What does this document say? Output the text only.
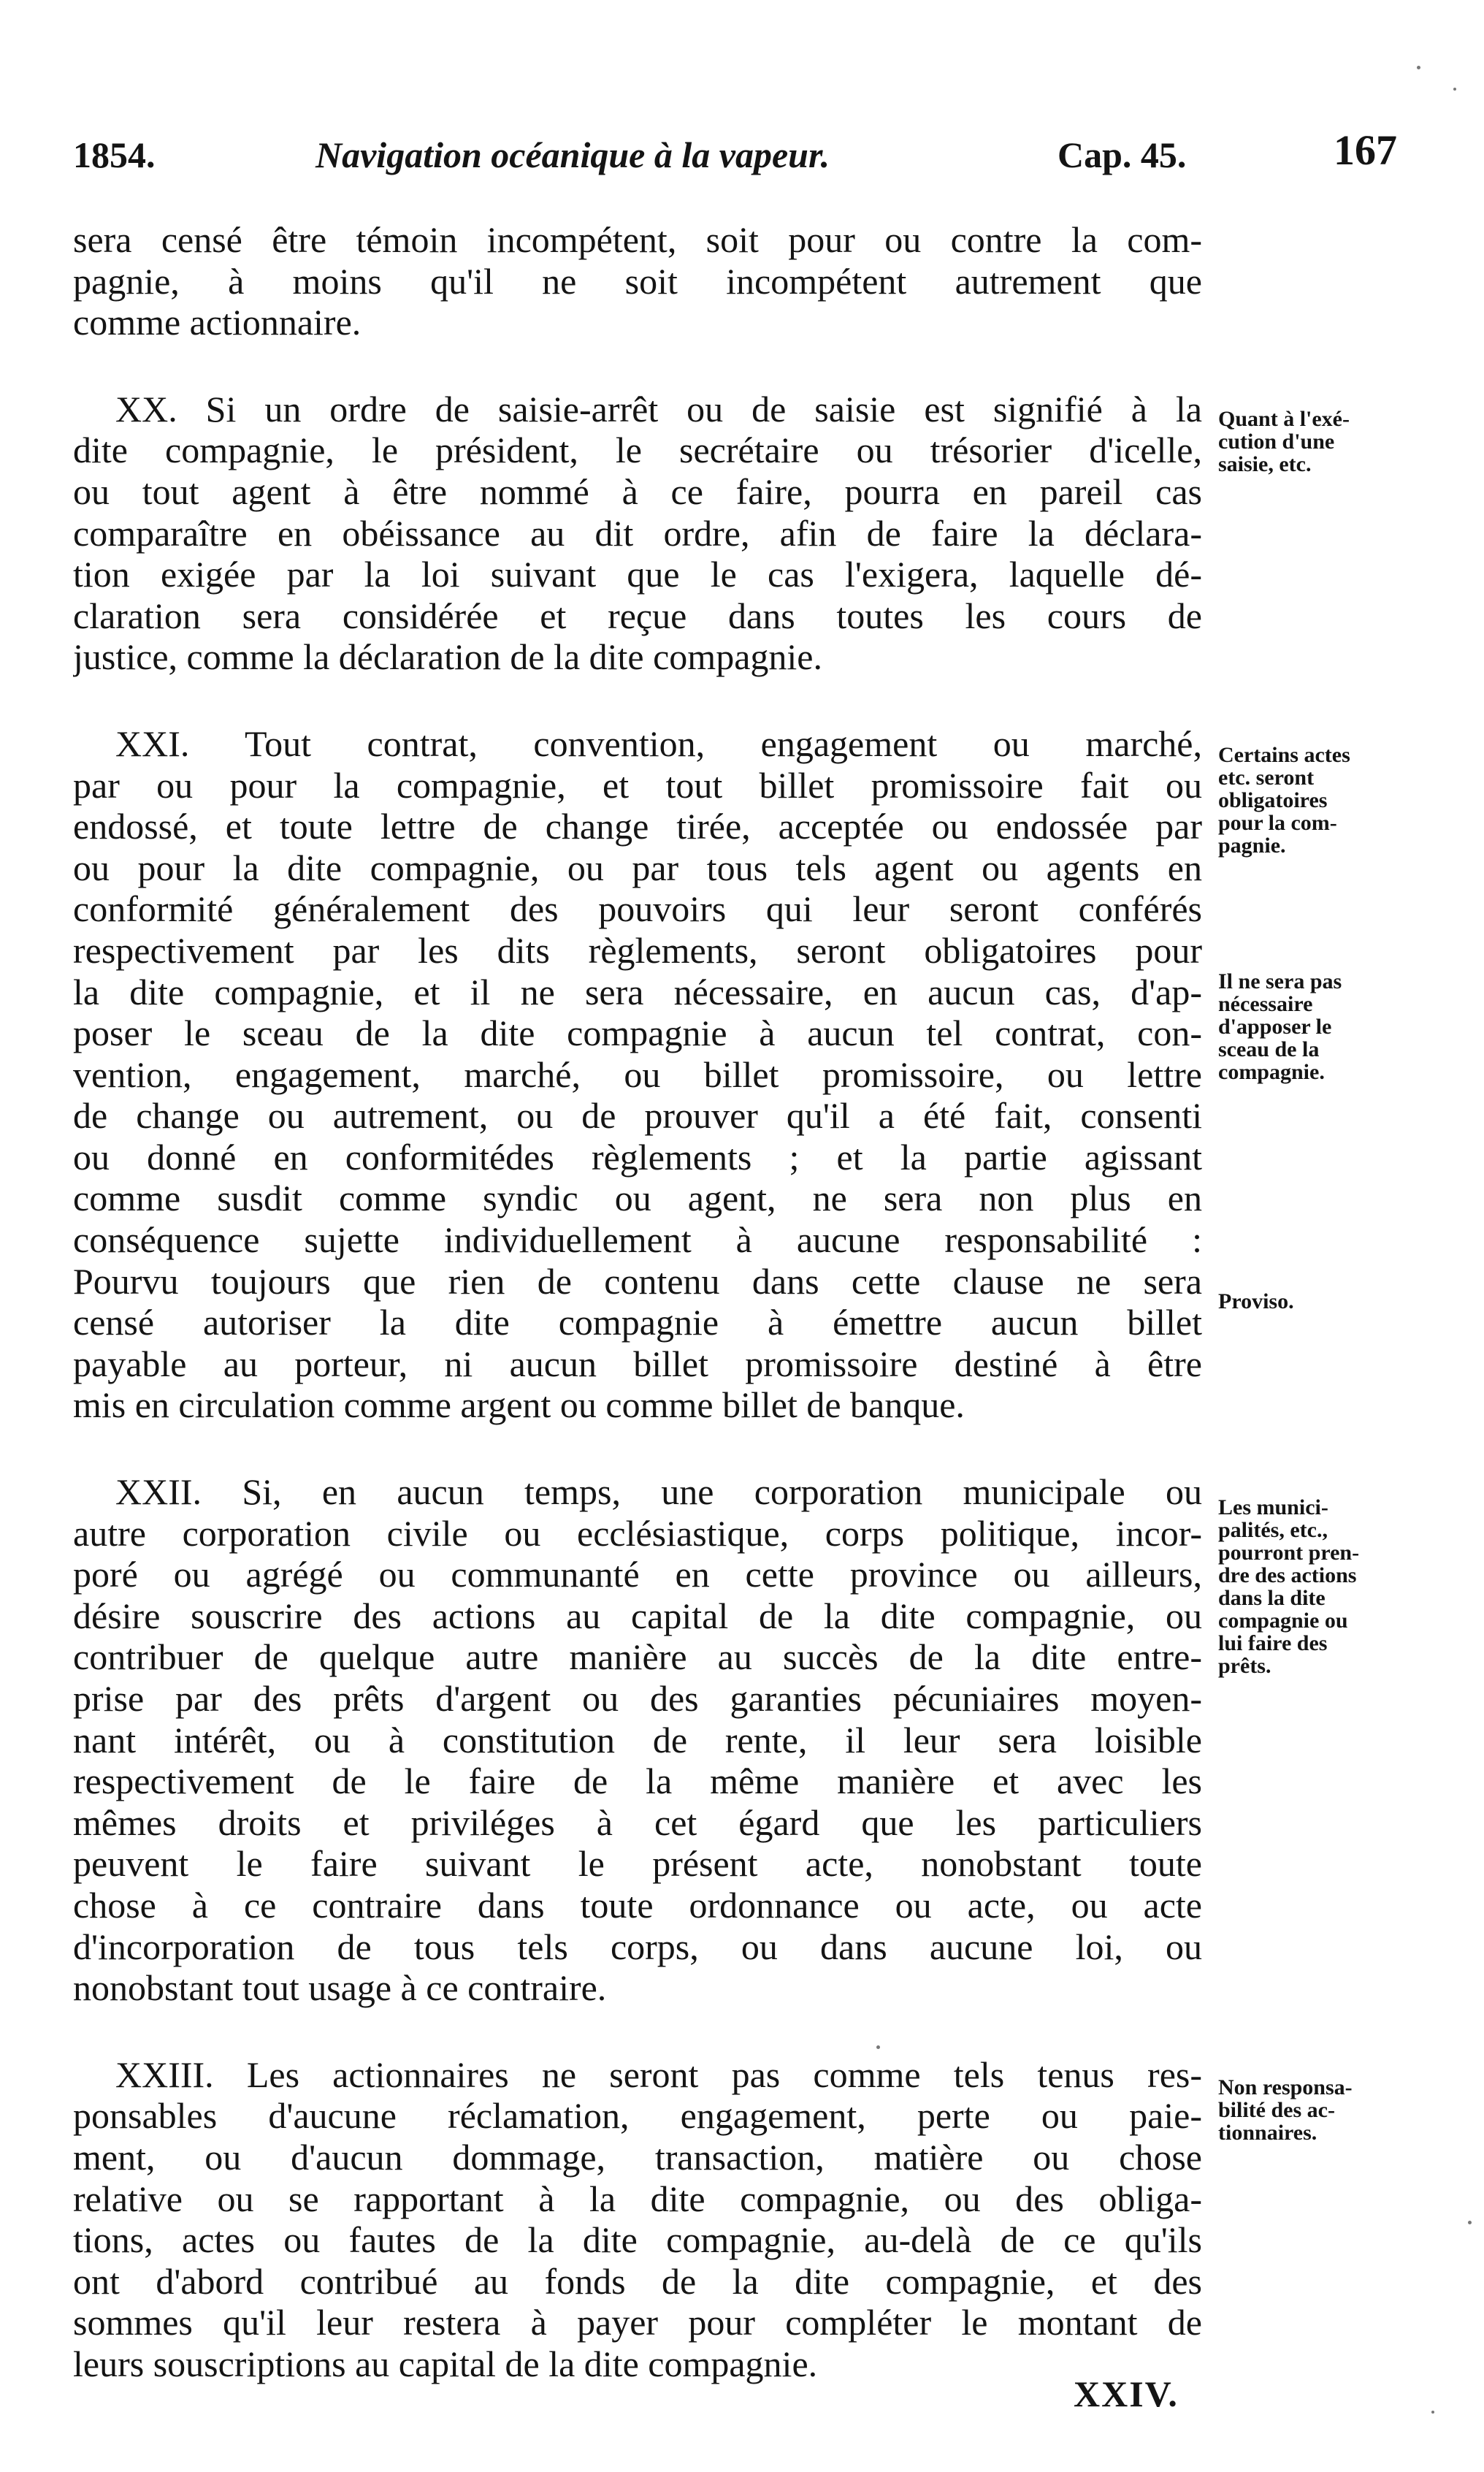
1854.	Navigation océanique à la vapeur.	Cap. 45.	167

sera censé être témoin incompétent, soit pour ou contre la com-
pagnie, à moins qu'il ne soit incompétent autrement que
comme actionnaire.

XX. Si un ordre de saisie-arrêt ou de saisie est signifié à la
dite compagnie, le président, le secrétaire ou trésorier d'icelle,
ou tout agent à être nommé à ce faire, pourra en pareil cas
comparaître en obéissance au dit ordre, afin de faire la déclara-
tion exigée par la loi suivant que le cas l'exigera, laquelle dé-
claration sera considérée et reçue dans toutes les cours de
justice, comme la déclaration de la dite compagnie.

XXI. Tout contrat, convention, engagement ou marché,
par ou pour la compagnie, et tout billet promissoire fait ou
endossé, et toute lettre de change tirée, acceptée ou endossée par
ou pour la dite compagnie, ou par tous tels agent ou agents en
conformité généralement des pouvoirs qui leur seront conférés
respectivement par les dits règlements, seront obligatoires pour
la dite compagnie, et il ne sera nécessaire, en aucun cas, d'ap-
poser le sceau de la dite compagnie à aucun tel contrat, con-
vention, engagement, marché, ou billet promissoire, ou lettre
de change ou autrement, ou de prouver qu'il a été fait, consenti
ou donné en conformitédes règlements ; et la partie agissant
comme susdit comme syndic ou agent, ne sera non plus en
conséquence sujette individuellement à aucune responsabilité :
Pourvu toujours que rien de contenu dans cette clause ne sera
censé autoriser la dite compagnie à émettre aucun billet
payable au porteur, ni aucun billet promissoire destiné à être
mis en circulation comme argent ou comme billet de banque.

XXII. Si, en aucun temps, une corporation municipale ou
autre corporation civile ou ecclésiastique, corps politique, incor-
poré ou agrégé ou communanté en cette province ou ailleurs,
désire souscrire des actions au capital de la dite compagnie, ou
contribuer de quelque autre manière au succès de la dite entre-
prise par des prêts d'argent ou des garanties pécuniaires moyen-
nant intérêt, ou à constitution de rente, il leur sera loisible
respectivement de le faire de la même manière et avec les
mêmes droits et priviléges à cet égard que les particuliers
peuvent le faire suivant le présent acte, nonobstant toute
chose à ce contraire dans toute ordonnance ou acte, ou acte
d'incorporation de tous tels corps, ou dans aucune loi, ou
nonobstant tout usage à ce contraire.

XXIII. Les actionnaires ne seront pas comme tels tenus res-
ponsables d'aucune réclamation, engagement, perte ou paie-
ment, ou d'aucun dommage, transaction, matière ou chose
relative ou se rapportant à la dite compagnie, ou des obliga-
tions, actes ou fautes de la dite compagnie, au-delà de ce qu'ils
ont d'abord contribué au fonds de la dite compagnie, et des
sommes qu'il leur restera à payer pour compléter le montant de
leurs souscriptions au capital de la dite compagnie.

Quant à l'exé-
cution d'une
saisie, etc.
Certains actes
etc. seront
obligatoires
pour la com-
pagnie.
Il ne sera pas
nécessaire
d'apposer le
sceau de la
compagnie.
Proviso.
Les munici-
palités, etc.,
pourront pren-
dre des actions
dans la dite
compagnie ou
lui faire des
prêts.
Non responsa-
bilité des ac-
tionnaires.
XXIV.
